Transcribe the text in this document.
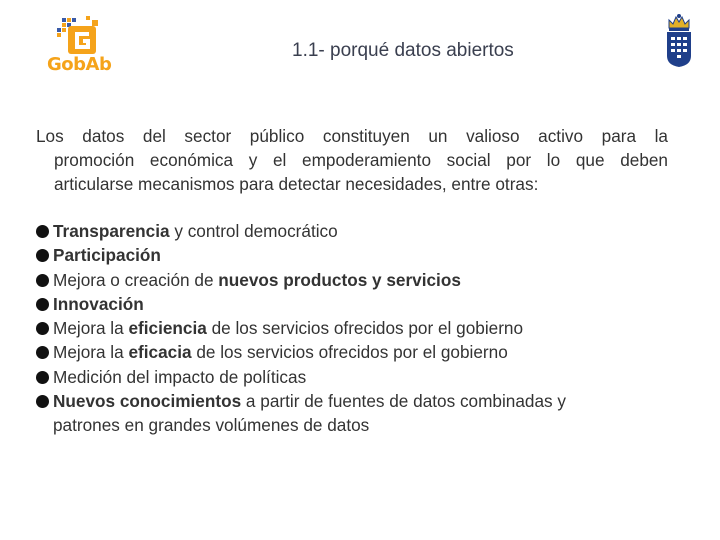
GobAb
1.1- porqué datos abiertos
Los datos del sector público constituyen un valioso activo para la
promoción económica y el empoderamiento social por lo que deben
articularse mecanismos para detectar necesidades, entre otras:
Transparencia y control democrático
Participación
Mejora o creación de nuevos productos y servicios
Innovación
Mejora la eficiencia de los servicios ofrecidos por el gobierno
Mejora la eficacia de los servicios ofrecidos por el gobierno
Medición del impacto de políticas
Nuevos conocimientos a partir de fuentes de datos combinadas y
patrones en grandes volúmenes de datos
